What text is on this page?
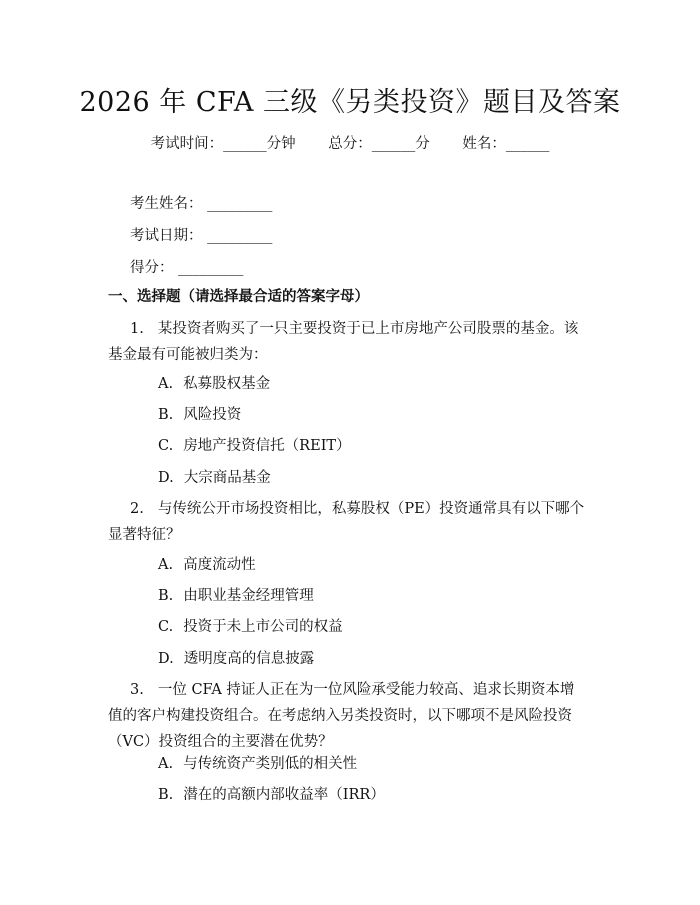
2026 年 CFA 三级《另类投资》题目及答案
考试时间：______分钟 总分：______分 姓名：______
考生姓名： _________
考试日期： _________
得分： _________
一、选择题（请选择最合适的答案字母）
1. 某投资者购买了一只主要投资于已上市房地产公司股票的基金。该基金最有可能被归类为：
A. 私募股权基金
B. 风险投资
C. 房地产投资信托（REIT）
D. 大宗商品基金
2. 与传统公开市场投资相比，私募股权（PE）投资通常具有以下哪个显著特征？
A. 高度流动性
B. 由职业基金经理管理
C. 投资于未上市公司的权益
D. 透明度高的信息披露
3. 一位 CFA 持证人正在为一位风险承受能力较高、追求长期资本增值的客户构建投资组合。在考虑纳入另类投资时，以下哪项不是风险投资（VC）投资组合的主要潜在优势？
A. 与传统资产类别低的相关性
B. 潜在的高额内部收益率（IRR）
